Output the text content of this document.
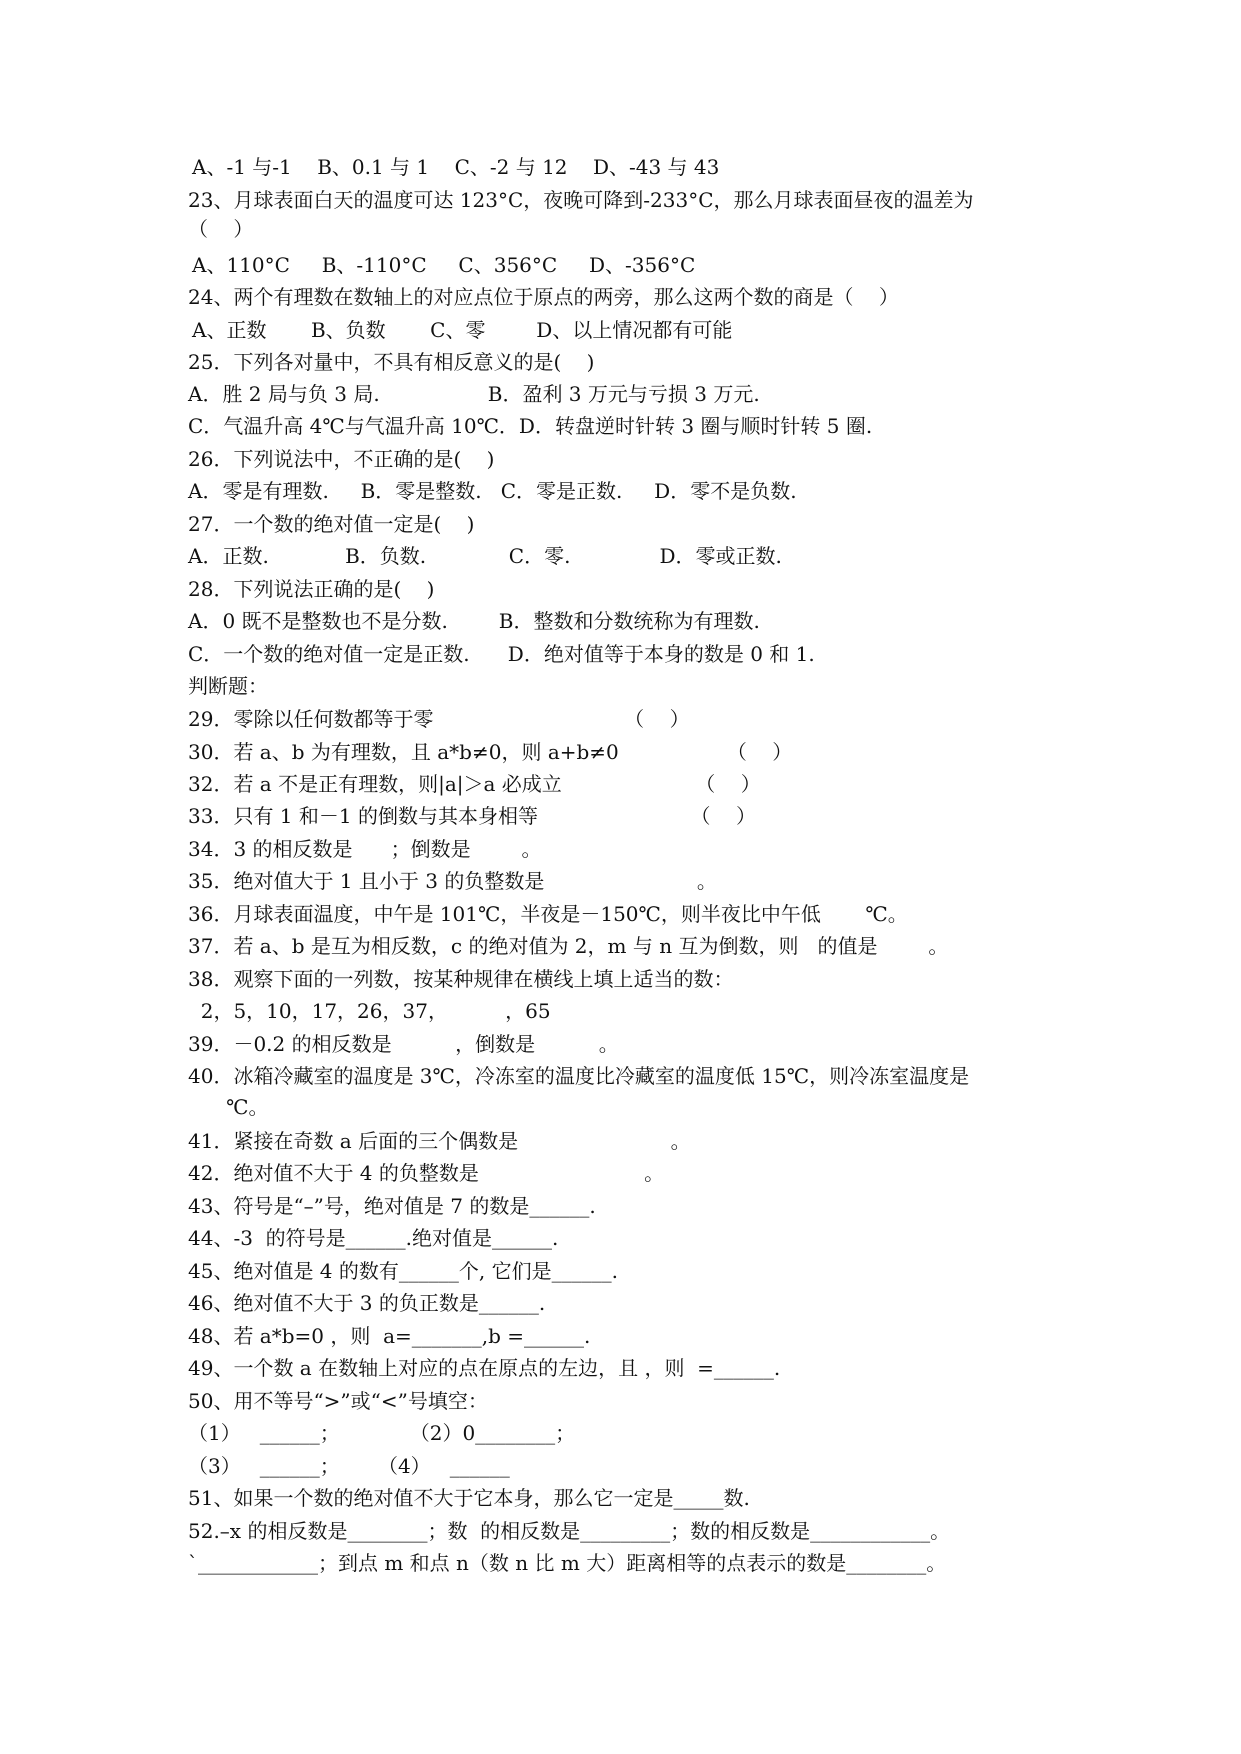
A、-1 与-1    B、0.1 与 1    C、-2 与 12    D、-43 与 43
23、月球表面白天的温度可达 123°C，夜晚可降到-233°C，那么月球表面昼夜的温差为
（    ）
A、110°C     B、-110°C     C、356°C     D、-356°C
24、两个有理数在数轴上的对应点位于原点的两旁，那么这两个数的商是（    ）
A、正数       B、负数       C、零        D、以上情况都有可能
25．下列各对量中，不具有相反意义的是(    )
A．胜 2 局与负 3 局.                 B．盈利 3 万元与亏损 3 万元.
C．气温升高 4℃与气温升高 10℃．D．转盘逆时针转 3 圈与顺时针转 5 圈.
26．下列说法中，不正确的是(    )
A．零是有理数.     B．零是整数.   C．零是正数.     D．零不是负数.
27．一个数的绝对值一定是(    )
A．正数.            B．负数.             C．零.              D．零或正数.
28．下列说法正确的是(    )
A．0 既不是整数也不是分数.        B．整数和分数统称为有理数.
C．一个数的绝对值一定是正数.      D．绝对值等于本身的数是 0 和 1.
判断题：
29．零除以任何数都等于零                              （    ）
30．若 a、b 为有理数，且 a*b≠0，则 a+b≠0                 （    ）
32．若 a 不是正有理数，则|a|＞a 必成立                     （    ）
33．只有 1 和－1 的倒数与其本身相等                        （    ）
34．3 的相反数是      ；倒数是        。
35．绝对值大于 1 且小于 3 的负整数是                        。
36．月球表面温度，中午是 101℃，半夜是－150℃，则半夜比中午低       ℃。
37．若 a、b 是互为相反数，c 的绝对值为 2，m 与 n 互为倒数，则   的值是        。
38．观察下面的一列数，按某种规律在横线上填上适当的数：
2，5，10，17，26，37，         ，65
39．－0.2 的相反数是          ，倒数是          。
40．冰箱冷藏室的温度是 3℃，冷冻室的温度比冷藏室的温度低 15℃，则冷冻室温度是
℃。
41．紧接在奇数 a 后面的三个偶数是                        。
42．绝对值不大于 4 的负整数是                          。
43、符号是“–”号，绝对值是 7 的数是______.
44、-3  的符号是______.绝对值是______.
45、绝对值是 4 的数有______个, 它们是______.
46、绝对值不大于 3 的负正数是______.
48、若 a*b=0 ，则  a=_______,b =______.
49、一个数 a 在数轴上对应的点在原点的左边，且 ，则  =______.
50、用不等号“>”或“<”号填空：
（1）   ______；           （2）0________；
（3）   ______；      （4）   ______
51、如果一个数的绝对值不大于它本身，那么它一定是_____数.
52.–x 的相反数是________；数  的相反数是_________；数的相反数是____________。
`____________；到点 m 和点 n（数 n 比 m 大）距离相等的点表示的数是________。
